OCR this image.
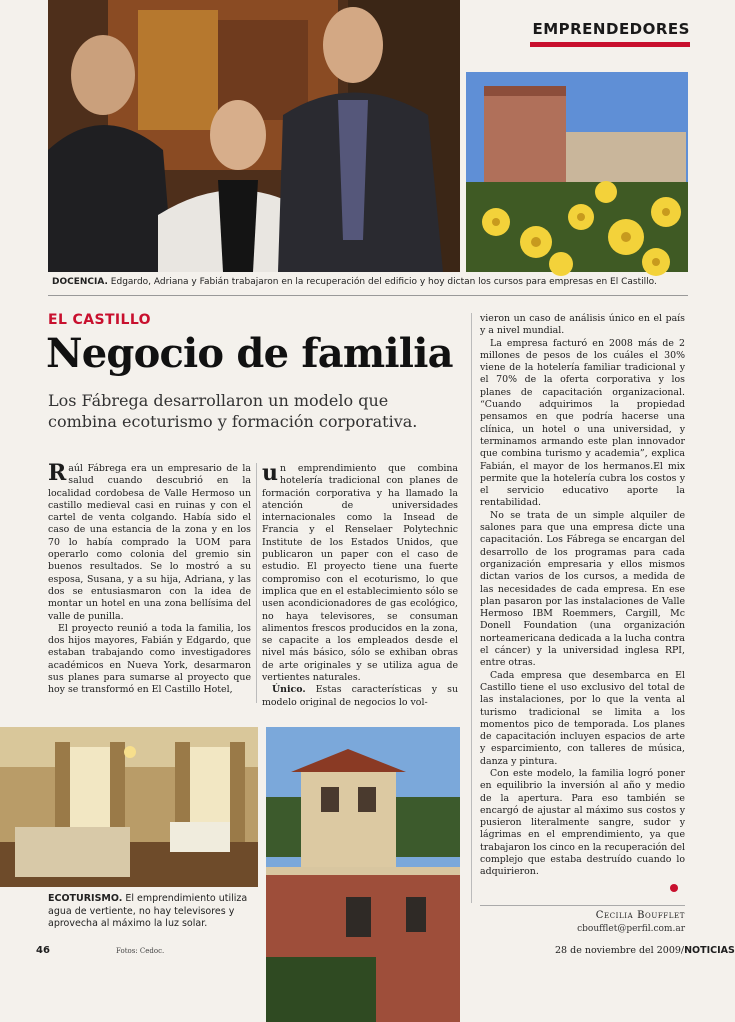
EMPRENDEDORES
DOCENCIA. Edgardo, Adriana y Fabián trabajaron en la recuperación del edificio y hoy dictan los cursos para empresas en El Castillo.
EL CASTILLO
Negocio de familia
Los Fábrega desarrollaron un modelo que combina ecoturismo y formación corporativa.

Raúl Fábrega era un empresario de la salud cuando descubrió en la localidad cordobesa de Valle Hermoso un castillo medieval casi en ruinas y con el cartel de venta colgando. Había sido el caso de una estancia de la zona y en los 70 lo había comprado la UOM para operarlo como colonia del gremio sin buenos resultados. Se lo mostró a su esposa, Susana, y a su hija, Adriana, y las dos se entusiasmaron con la idea de montar un hotel en una zona bellísima del valle de punilla.

El proyecto reunió a toda la familia, los dos hijos mayores, Fabián y Edgardo, que estaban trabajando como investigadores académicos en Nueva York, desarmaron sus planes para sumarse al proyecto que hoy se transformó en El Castillo Hotel,

un emprendimiento que combina hotelería tradicional con planes de formación corporativa y ha llamado la atención de universidades internacionales como la Insead de Francia y el Renselaer Polytechnic Institute de los Estados Unidos, que publicaron un paper con el caso de estudio. El proyecto tiene una fuerte compromiso con el ecoturismo, lo que implica que en el establecimiento sólo se usen acondicionadores de gas ecológico, no haya televisores, se consuman alimentos frescos producidos en la zona, se capacite a los empleados desde el nivel más básico, sólo se exhiban obras de arte originales y se utiliza agua de vertientes naturales.

Único. Estas características y su modelo original de negocios lo vol-

vieron un caso de análisis único en el país y a nivel mundial.

La empresa facturó en 2008 más de 2 millones de pesos de los cuáles el 30% viene de la hotelería familiar tradicional y el 70% de la oferta corporativa y los planes de capacitación organizacional. “Cuando adquirimos la propiedad pensamos en que podría hacerse una clínica, un hotel o una universidad, y terminamos armando este plan innovador que combina turismo y academia”, explica Fabián, el mayor de los hermanos.El mix permite que la hotelería cubra los costos y el servicio educativo aporte la rentabilidad.

No se trata de un simple alquiler de salones para que una empresa dicte una capacitación. Los Fábrega se encargan del desarrollo de los programas para cada organización empresaria y ellos mismos dictan varios de los cursos, a medida de las necesidades de cada empresa. En ese plan pasaron por las instalaciones de Valle Hermoso IBM Roemmers, Cargill, Mc Donell Foundation (una organización norteamericana dedicada a la lucha contra el cáncer) y la universidad inglesa RPI, entre otras.

Cada empresa que desembarca en El Castillo tiene el uso exclusivo del total de las instalaciones, por lo que la venta al turismo tradicional se limita a los momentos pico de temporada. Los planes de capacitación incluyen espacios de arte y esparcimiento, con talleres de música, danza y pintura.

Con este modelo, la familia logró poner en equilibrio la inversión al año y medio de la apertura. Para eso también se encargó de ajustar al máximo sus costos y pusieron literalmente sangre, sudor y lágrimas en el emprendimiento, ya que trabajaron los cinco en la recuperación del complejo que estaba destruído cuando lo adquirieron.

Cecilia Boufflet
cboufflet@perfil.com.ar
ECOTURISMO. El emprendimiento utiliza agua de vertiente, no hay televisores y aprovecha al máximo la luz solar.
46	Fotos: Cedoc.	28 de noviembre del 2009/NOTICIAS
